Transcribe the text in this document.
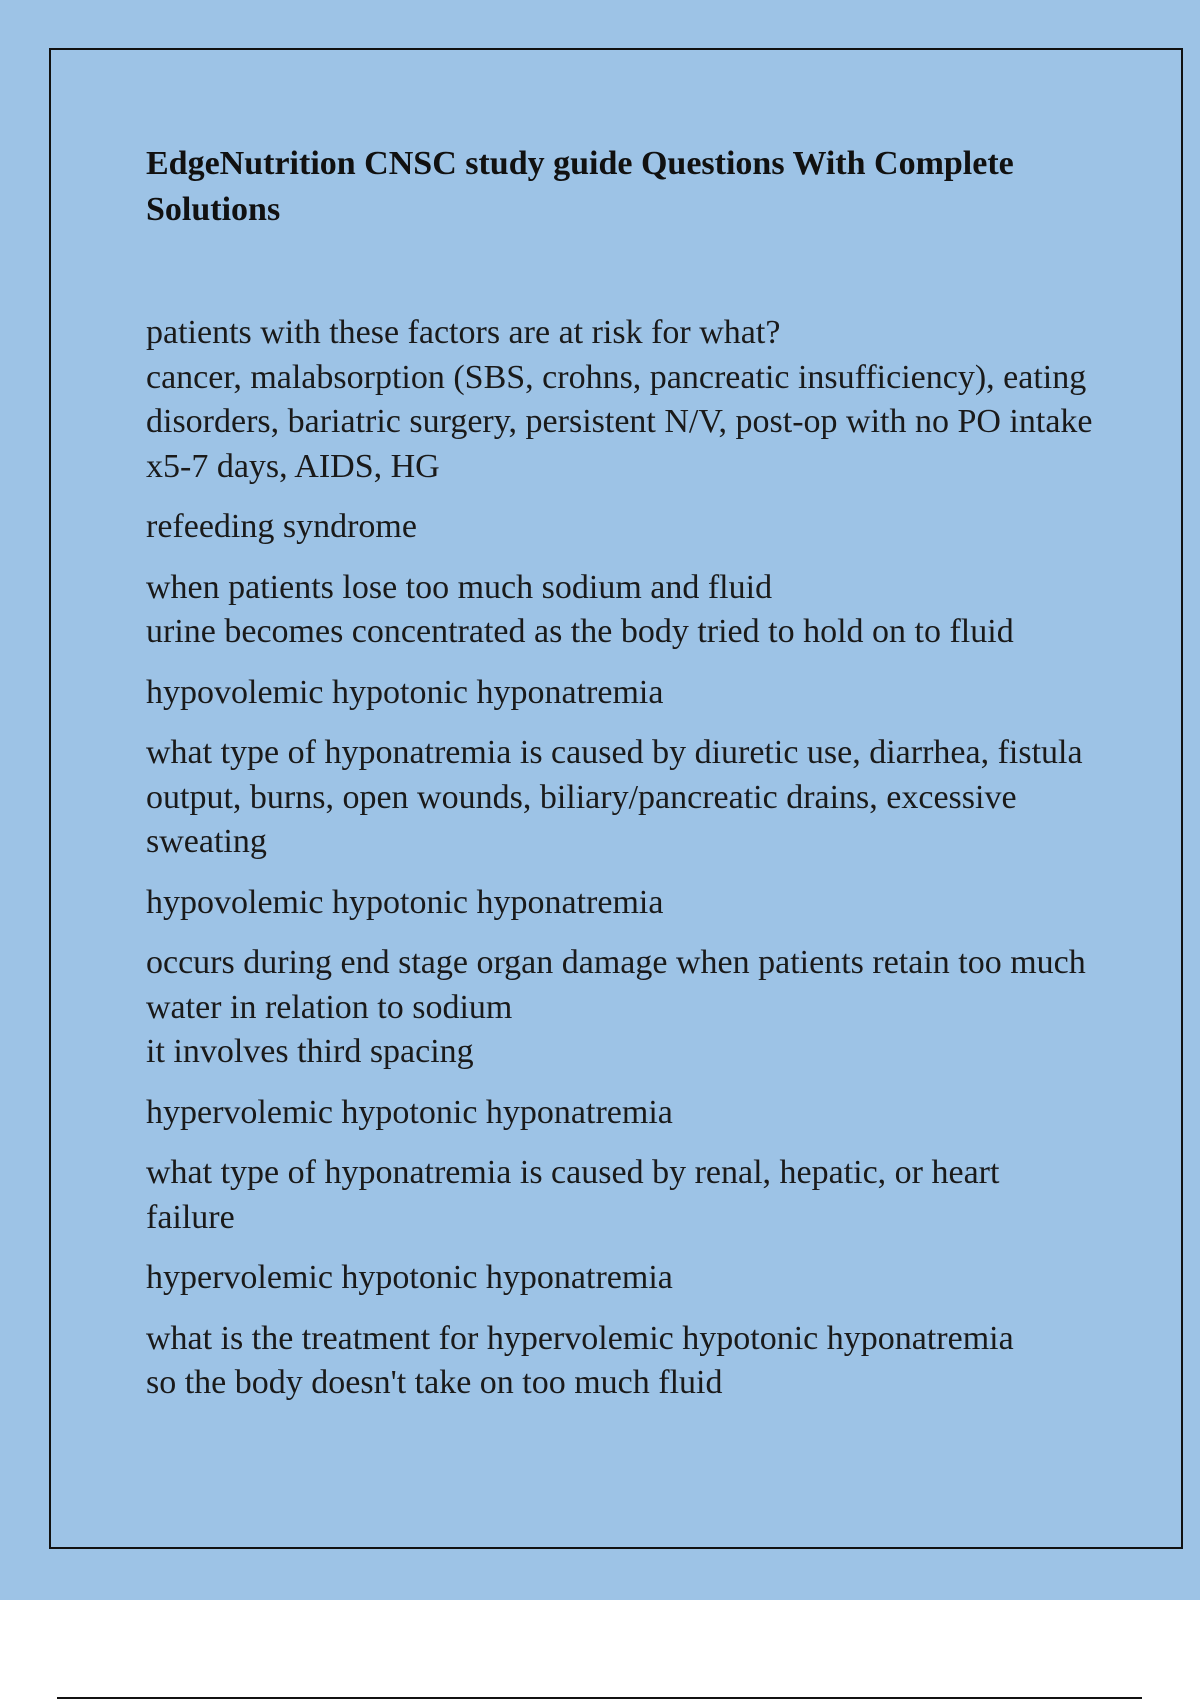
EdgeNutrition CNSC study guide Questions With Complete Solutions

patients with these factors are at risk for what?
cancer, malabsorption (SBS, crohns, pancreatic insufficiency), eating disorders, bariatric surgery, persistent N/V, post-op with no PO intake x5-7 days, AIDS, HG

refeeding syndrome

when patients lose too much sodium and fluid
urine becomes concentrated as the body tried to hold on to fluid

hypovolemic hypotonic hyponatremia

what type of hyponatremia is caused by diuretic use, diarrhea, fistula output, burns, open wounds, biliary/pancreatic drains, excessive sweating

hypovolemic hypotonic hyponatremia

occurs during end stage organ damage when patients retain too much water in relation to sodium
it involves third spacing

hypervolemic hypotonic hyponatremia

what type of hyponatremia is caused by renal, hepatic, or heart failure

hypervolemic hypotonic hyponatremia

what is the treatment for hypervolemic hypotonic hyponatremia
so the body doesn't take on too much fluid
